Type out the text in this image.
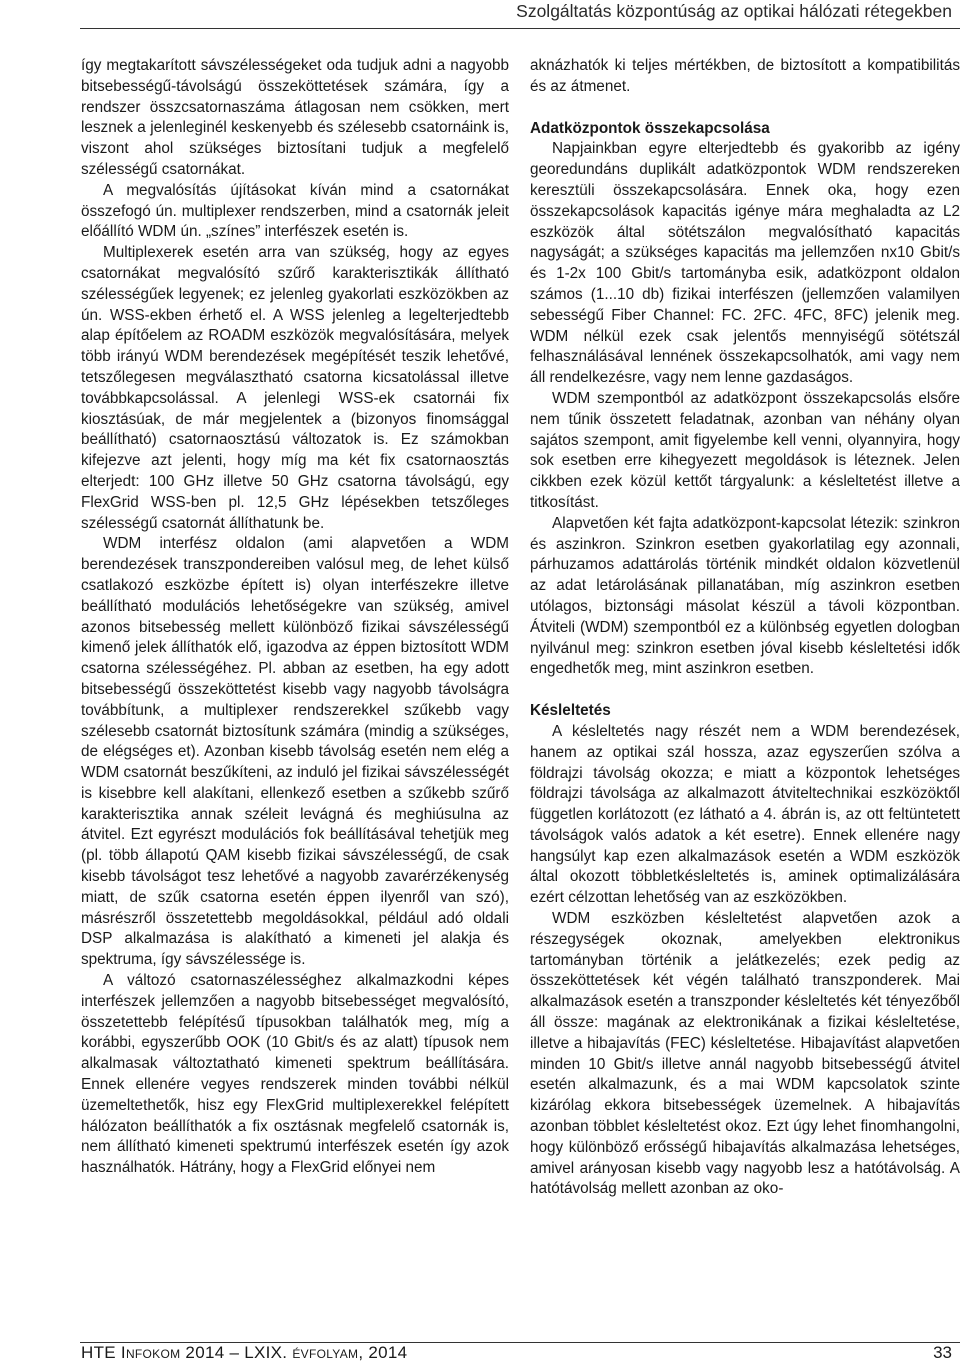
Szolgáltatás központúság az optikai hálózati rétegekben

így megtakarított sávszélességeket oda tudjuk adni a nagyobb bitsebességű-távolságú összeköttetések számára, így a rendszer összcsatornaszáma átlagosan nem csökken, mert lesznek a jelenleginél keskenyebb és szélesebb csatornáink is, viszont ahol szükséges biztosítani tudjuk a megfelelő szélességű csatornákat.

A megvalósítás újításokat kíván mind a csatornákat összefogó ún. multiplexer rendszerben, mind a csatornák jeleit előállító WDM ún. „színes” interfészek esetén is.

Multiplexerek esetén arra van szükség, hogy az egyes csatornákat megvalósító szűrő karakterisztikák állítható szélességűek legyenek; ez jelenleg gyakorlati eszközökben az ún. WSS-ekben érhető el. A WSS jelenleg a legelterjedtebb alap építőelem az ROADM eszközök megvalósítására, melyek több irányú WDM berendezések megépítését teszik lehetővé, tetszőlegesen megválasztható csatorna kicsatolással illetve továbbkapcsolással. A jelenlegi WSS-ek csatornái fix kiosztásúak, de már megjelentek a (bizonyos finomsággal beállítható) csatornaosztású változatok is. Ez számokban kifejezve azt jelenti, hogy míg ma két fix csatornaosztás elterjedt: 100 GHz illetve 50 GHz csatorna távolságú, egy FlexGrid WSS-ben pl. 12,5 GHz lépésekben tetszőleges szélességű csatornát állíthatunk be.

WDM interfész oldalon (ami alapvetően a WDM berendezések transzpondereiben valósul meg, de lehet külső csatlakozó eszközbe épített is) olyan interfészekre illetve beállítható modulációs lehetőségekre van szükség, amivel azonos bitsebesség mellett különböző fizikai sávszélességű kimenő jelek állíthatók elő, igazodva az éppen biztosított WDM csatorna szélességéhez. Pl. abban az esetben, ha egy adott bitsebességű összeköttetést kisebb vagy nagyobb távolságra továbbítunk, a multiplexer rendszerekkel szűkebb vagy szélesebb csatornát biztosítunk számára (mindig a szükséges, de elégséges et). Azonban kisebb távolság esetén nem elég a WDM csatornát beszűkíteni, az induló jel fizikai sávszélességét is kisebbre kell alakítani, ellenkező esetben a szűkebb szűrő karakterisztika annak széleit levágná és meghiúsulna az átvitel. Ezt egyrészt modulációs fok beállításával tehetjük meg (pl. több állapotú QAM kisebb fizikai sávszélességű, de csak kisebb távolságot tesz lehetővé a nagyobb zavarérzékenység miatt, de szűk csatorna esetén éppen ilyenről van szó), másrészről összetettebb megoldásokkal, például adó oldali DSP alkalmazása is alakítható a kimeneti jel alakja és spektruma, így sávszélessége is.

A változó csatornaszélességhez alkalmazkodni képes interfészek jellemzően a nagyobb bitsebességet megvalósító, összetettebb felépítésű típusokban találhatók meg, míg a korábbi, egyszerűbb OOK (10 Gbit/s és az alatt) típusok nem alkalmasak változtatható kimeneti spektrum beállítására. Ennek ellenére vegyes rendszerek minden további nélkül üzemeltethetők, hisz egy FlexGrid multiplexerekkel felépített hálózaton beállíthatók a fix osztásnak megfelelő csatornák is, nem állítható kimeneti spektrumú interfészek esetén így azok használhatók. Hátrány, hogy a FlexGrid előnyei nem

aknázhatók ki teljes mértékben, de biztosított a kompatibilitás és az átmenet.

Adatközpontok összekapcsolása

Napjainkban egyre elterjedtebb és gyakoribb az igény georedundáns duplikált adatközpontok WDM rendszereken keresztüli összekapcsolására. Ennek oka, hogy ezen összekapcsolások kapacitás igénye mára meghaladta az L2 eszközök által sötétszálon megvalósítható kapacitás nagyságát; a szükséges kapacitás ma jellemzően nx10 Gbit/s és 1-2x 100 Gbit/s tartományba esik, adatközpont oldalon számos (1...10 db) fizikai interfészen (jellemzően valamilyen sebességű Fiber Channel: FC. 2FC. 4FC, 8FC) jelenik meg. WDM nélkül ezek csak jelentős mennyiségű sötétszál felhasználásával lennének összekapcsolhatók, ami vagy nem áll rendelkezésre, vagy nem lenne gazdaságos.

WDM szempontból az adatközpont összekapcsolás elsőre nem tűnik összetett feladatnak, azonban van néhány olyan sajátos szempont, amit figyelembe kell venni, olyannyira, hogy sok esetben erre kihegyezett megoldások is léteznek. Jelen cikkben ezek közül kettőt tárgyalunk: a késleltetést illetve a titkosítást.

Alapvetően két fajta adatközpont-kapcsolat létezik: szinkron és aszinkron. Szinkron esetben gyakorlatilag egy azonnali, párhuzamos adattárolás történik mindkét oldalon közvetlenül az adat letárolásának pillanatában, míg aszinkron esetben utólagos, biztonsági másolat készül a távoli központban. Átviteli (WDM) szempontból ez a különbség egyetlen dologban nyilvánul meg: szinkron esetben jóval kisebb késleltetési idők engedhetők meg, mint aszinkron esetben.

Késleltetés

A késleltetés nagy részét nem a WDM berendezések, hanem az optikai szál hossza, azaz egyszerűen szólva a földrajzi távolság okozza; e miatt a központok lehetséges földrajzi távolsága az alkalmazott átviteltechnikai eszközöktől független korlátozott (ez látható a 4. ábrán is, az ott feltüntetett távolságok valós adatok a két esetre). Ennek ellenére nagy hangsúlyt kap ezen alkalmazások esetén a WDM eszközök által okozott többletkésleltetés is, aminek optimalizálására ezért célzottan lehetőség van az eszközökben.

WDM eszközben késleltetést alapvetően azok a részegységek okoznak, amelyekben elektronikus tartományban történik a jelátkezelés; ezek pedig az összeköttetések két végén található transzponderek. Mai alkalmazások esetén a transzponder késleltetés két tényezőből áll össze: magának az elektronikának a fizikai késleltetése, illetve a hibajavítás (FEC) késleltetése. Hibajavítást alapvetően minden 10 Gbit/s illetve annál nagyobb bitsebességű átvitel esetén alkalmazunk, és a mai WDM kapcsolatok szinte kizárólag ekkora bitsebességek üzemelnek. A hibajavítás azonban többlet késleltetést okoz. Ezt úgy lehet finomhangolni, hogy különböző erősségű hibajavítás alkalmazása lehetséges, amivel arányosan kisebb vagy nagyobb lesz a hatótávolság. A hatótávolság mellett azonban az oko-

HTE Infokom 2014 – LXIX. évfolyam, 2014	33
